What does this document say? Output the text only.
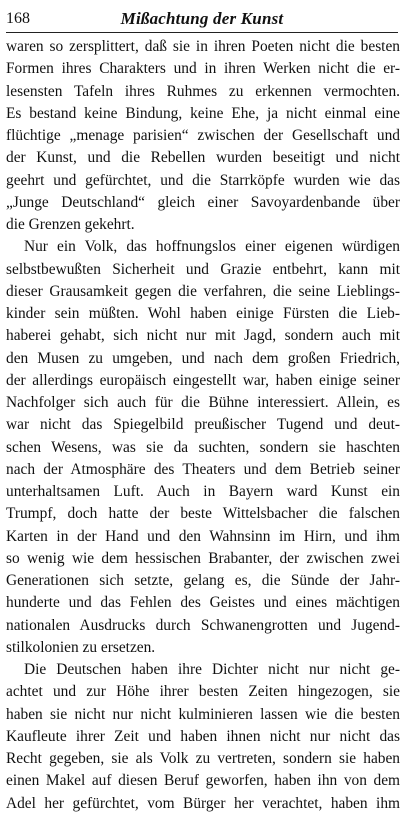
168	Mißachtung der Kunst
waren so zersplittert, daß sie in ihren Poeten nicht die besten
Formen ihres Charakters und in ihren Werken nicht die er-
lesensten Tafeln ihres Ruhmes zu erkennen vermochten.
Es bestand keine Bindung, keine Ehe, ja nicht einmal eine
flüchtige „menage parisien“ zwischen der Gesellschaft und
der Kunst, und die Rebellen wurden beseitigt und nicht
geehrt und gefürchtet, und die Starrköpfe wurden wie das
„Junge Deutschland“ gleich einer Savoyardenbande über
die Grenzen gekehrt.
Nur ein Volk, das hoffnungslos einer eigenen würdigen
selbstbewußten Sicherheit und Grazie entbehrt, kann mit
dieser Grausamkeit gegen die verfahren, die seine Lieblings-
kinder sein müßten. Wohl haben einige Fürsten die Lieb-
haberei gehabt, sich nicht nur mit Jagd, sondern auch mit
den Musen zu umgeben, und nach dem großen Friedrich,
der allerdings europäisch eingestellt war, haben einige seiner
Nachfolger sich auch für die Bühne interessiert. Allein, es
war nicht das Spiegelbild preußischer Tugend und deut-
schen Wesens, was sie da suchten, sondern sie haschten
nach der Atmosphäre des Theaters und dem Betrieb seiner
unterhaltsamen Luft. Auch in Bayern ward Kunst ein
Trumpf, doch hatte der beste Wittelsbacher die falschen
Karten in der Hand und den Wahnsinn im Hirn, und ihm
so wenig wie dem hessischen Brabanter, der zwischen zwei
Generationen sich setzte, gelang es, die Sünde der Jahr-
hunderte und das Fehlen des Geistes und eines mächtigen
nationalen Ausdrucks durch Schwanengrotten und Jugend-
stilkolonien zu ersetzen.
Die Deutschen haben ihre Dichter nicht nur nicht ge-
achtet und zur Höhe ihrer besten Zeiten hingezogen, sie
haben sie nicht nur nicht kulminieren lassen wie die besten
Kaufleute ihrer Zeit und haben ihnen nicht nur nicht das
Recht gegeben, sie als Volk zu vertreten, sondern sie haben
einen Makel auf diesen Beruf geworfen, haben ihn von dem
Adel her gefürchtet, vom Bürger her verachtet, haben ihm
